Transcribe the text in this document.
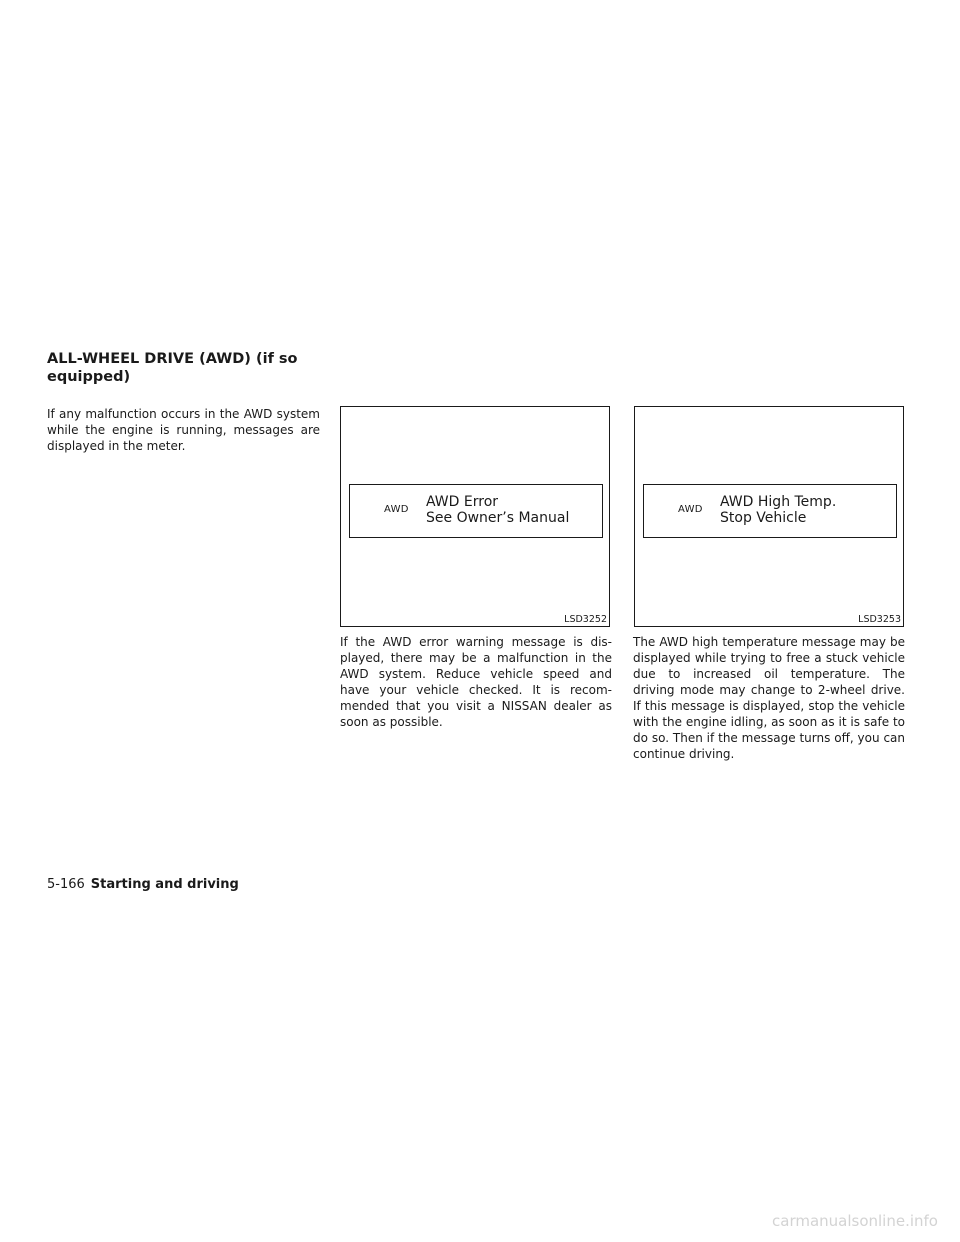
ALL-WHEEL DRIVE (AWD) (if so
equipped)

If any malfunction occurs in the AWD system while the engine is running, messages are displayed in the meter.

AWD AWD Error
See Owner’s Manual
LSD3252
AWD AWD High Temp.
Stop Vehicle
LSD3253

If the AWD error warning message is displayed, there may be a malfunction in the AWD system. Reduce vehicle speed and have your vehicle checked. It is recommended that you visit a NISSAN dealer as soon as possible.

The AWD high temperature message may be displayed while trying to free a stuck vehicle due to increased oil temperature. The driving mode may change to 2-wheel drive. If this message is displayed, stop the vehicle with the engine idling, as soon as it is safe to do so. Then if the message turns off, you can continue driving.

5-166 Starting and driving
carmanualsonline.info
